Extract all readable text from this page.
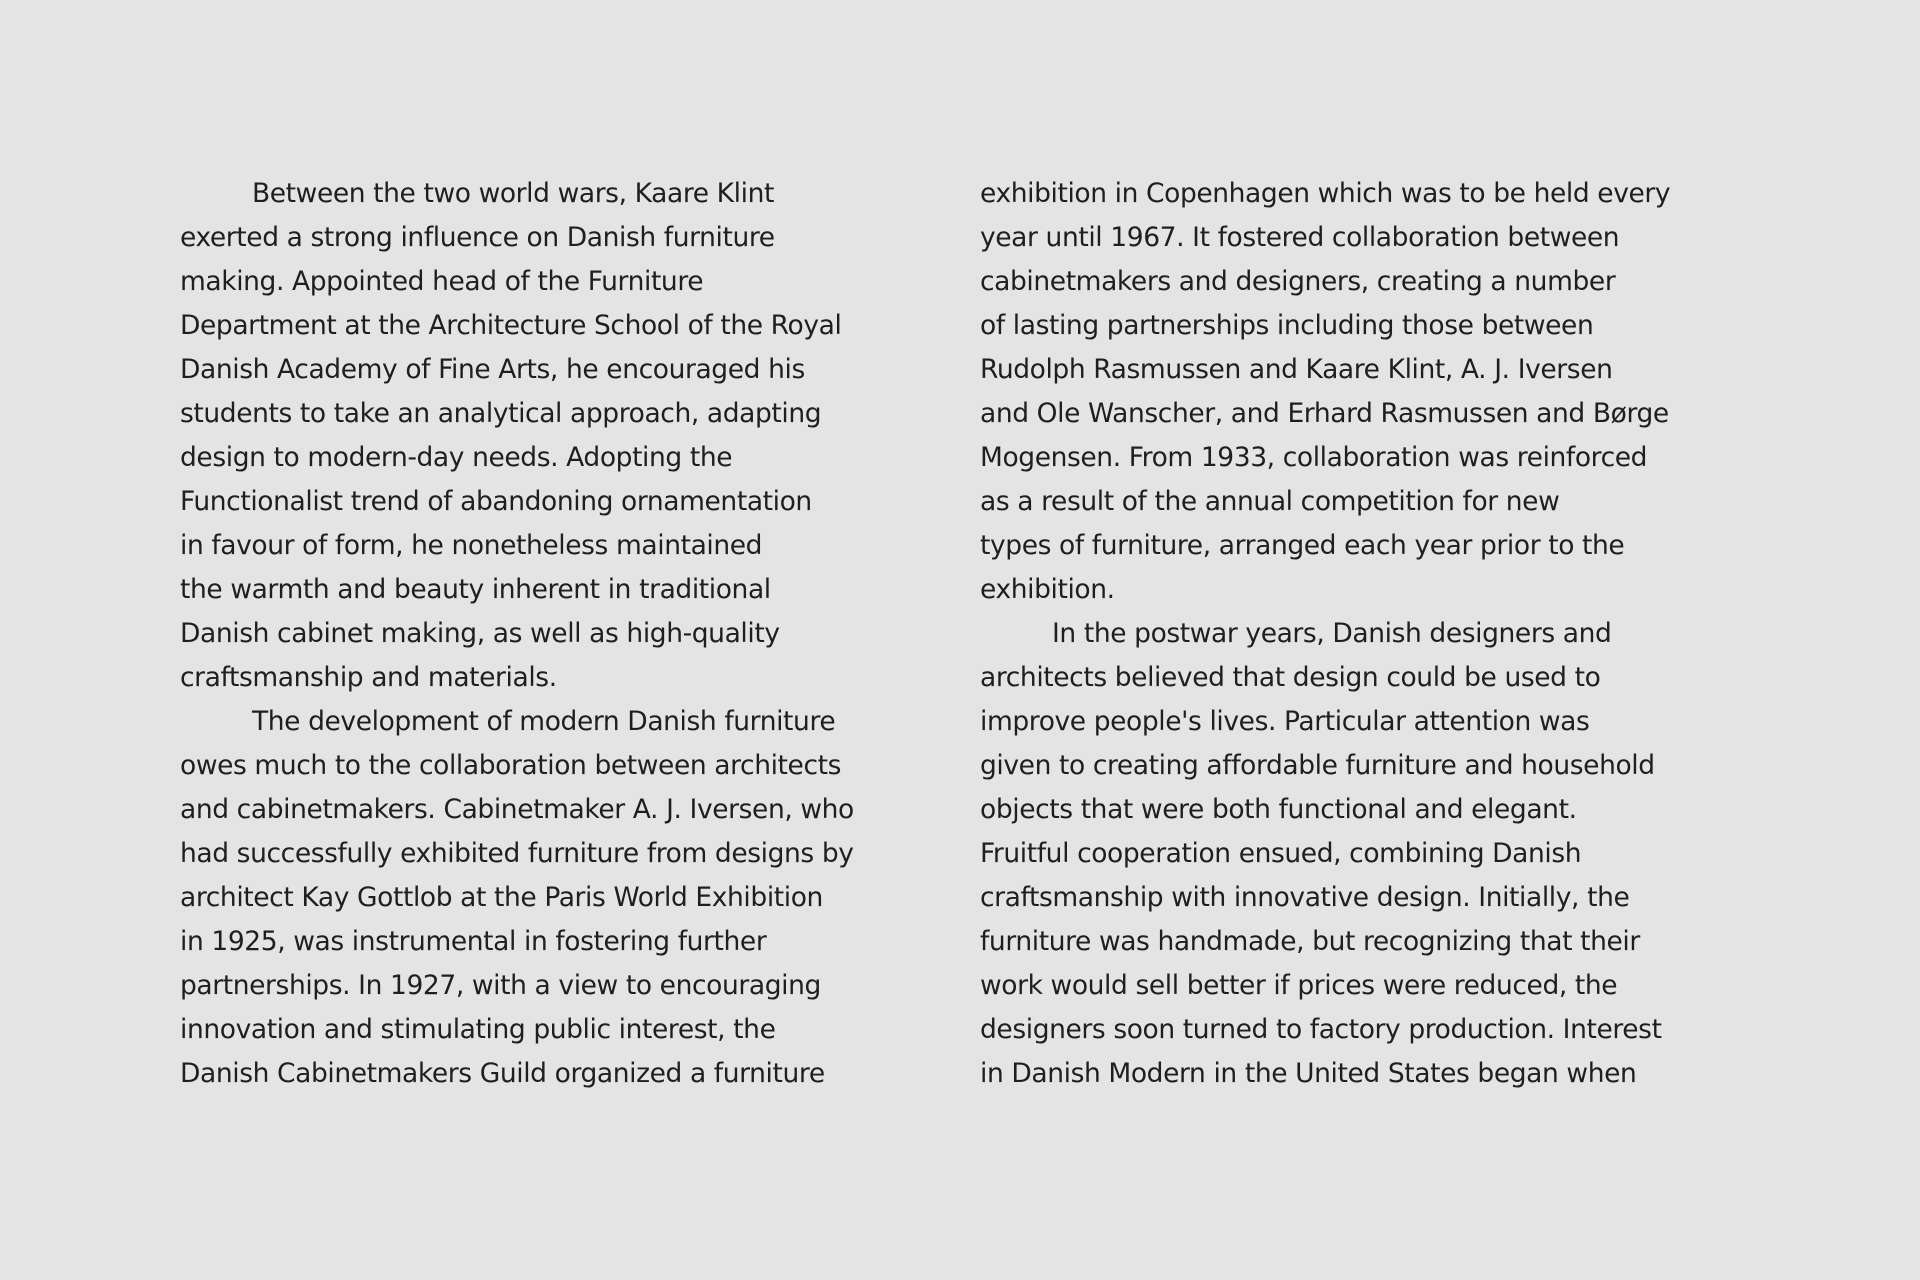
Between the two world wars, Kaare Klint
exerted a strong influence on Danish furniture
making. Appointed head of the Furniture
Department at the Architecture School of the Royal
Danish Academy of Fine Arts, he encouraged his
students to take an analytical approach, adapting
design to modern-day needs. Adopting the
Functionalist trend of abandoning ornamentation
in favour of form, he nonetheless maintained
the warmth and beauty inherent in traditional
Danish cabinet making, as well as high-quality
craftsmanship and materials.
The development of modern Danish furniture
owes much to the collaboration between architects
and cabinetmakers. Cabinetmaker A. J. Iversen, who
had successfully exhibited furniture from designs by
architect Kay Gottlob at the Paris World Exhibition
in 1925, was instrumental in fostering further
partnerships. In 1927, with a view to encouraging
innovation and stimulating public interest, the
Danish Cabinetmakers Guild organized a furniture
exhibition in Copenhagen which was to be held every
year until 1967. It fostered collaboration between
cabinetmakers and designers, creating a number
of lasting partnerships including those between
Rudolph Rasmussen and Kaare Klint, A. J. Iversen
and Ole Wanscher, and Erhard Rasmussen and Børge
Mogensen. From 1933, collaboration was reinforced
as a result of the annual competition for new
types of furniture, arranged each year prior to the
exhibition.
In the postwar years, Danish designers and
architects believed that design could be used to
improve people's lives. Particular attention was
given to creating affordable furniture and household
objects that were both functional and elegant.
Fruitful cooperation ensued, combining Danish
craftsmanship with innovative design. Initially, the
furniture was handmade, but recognizing that their
work would sell better if prices were reduced, the
designers soon turned to factory production. Interest
in Danish Modern in the United States began when
